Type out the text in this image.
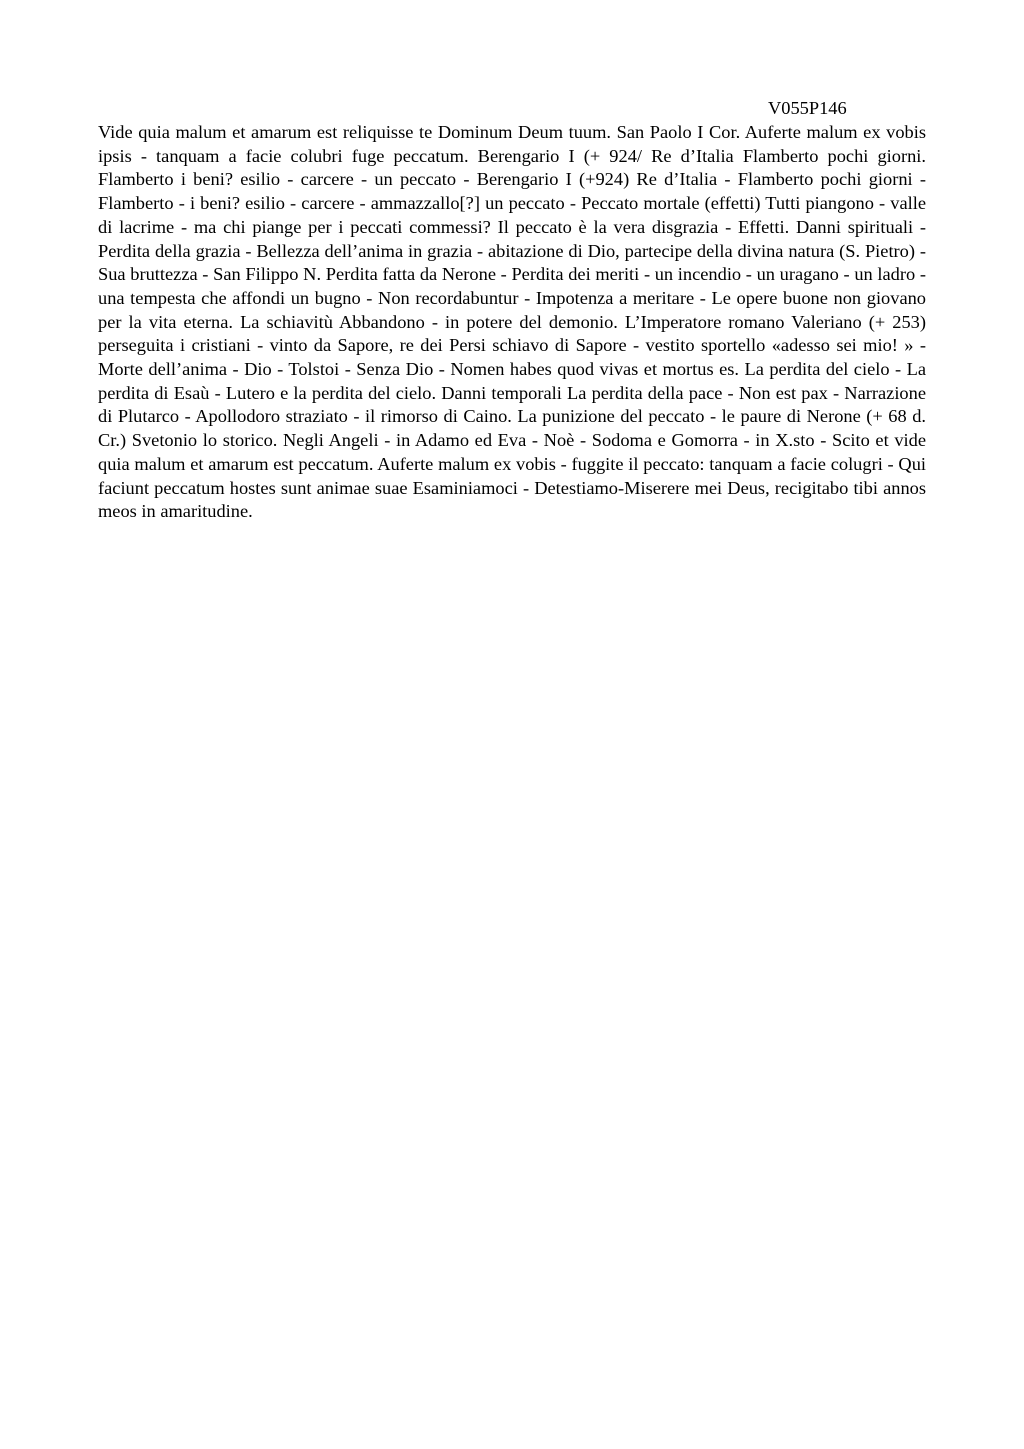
V055P146

Vide quia malum et amarum est reliquisse te Dominum Deum tuum. San Paolo I Cor. Auferte malum ex vobis ipsis - tanquam a facie colubri fuge peccatum. Berengario I (+ 924/ Re d’Italia Flamberto pochi giorni. Flamberto i beni? esilio - carcere - un peccato - Berengario I (+924) Re d’Italia - Flamberto pochi giorni - Flamberto - i beni? esilio - carcere - ammazzallo[?] un peccato - Peccato mortale (effetti) Tutti piangono - valle di lacrime - ma chi piange per i peccati commessi? Il peccato è la vera disgrazia - Effetti. Danni spirituali - Perdita della grazia - Bellezza dell’anima in grazia - abitazione di Dio, partecipe della divina natura (S. Pietro) - Sua bruttezza - San Filippo N. Perdita fatta da Nerone - Perdita dei meriti - un incendio - un uragano - un ladro - una tempesta che affondi un bugno - Non recordabuntur - Impotenza a meritare - Le opere buone non giovano per la vita eterna. La schiavitù Abbandono - in potere del demonio. L’Imperatore romano Valeriano (+ 253) perseguita i cristiani - vinto da Sapore, re dei Persi schiavo di Sapore - vestito sportello «adesso sei mio! » - Morte dell’anima - Dio - Tolstoi - Senza Dio - Nomen habes quod vivas et mortus es. La perdita del cielo - La perdita di Esaù - Lutero e la perdita del cielo. Danni temporali La perdita della pace - Non est pax - Narrazione di Plutarco - Apollodoro straziato - il rimorso di Caino. La punizione del peccato - le paure di Nerone (+ 68 d. Cr.) Svetonio lo storico. Negli Angeli - in Adamo ed Eva - Noè - Sodoma e Gomorra - in X.sto - Scito et vide quia malum et amarum est peccatum. Auferte malum ex vobis - fuggite il peccato: tanquam a facie colugri - Qui faciunt peccatum hostes sunt animae suae Esaminiamoci - Detestiamo-Miserere mei Deus, recigitabo tibi annos meos in amaritudine.
